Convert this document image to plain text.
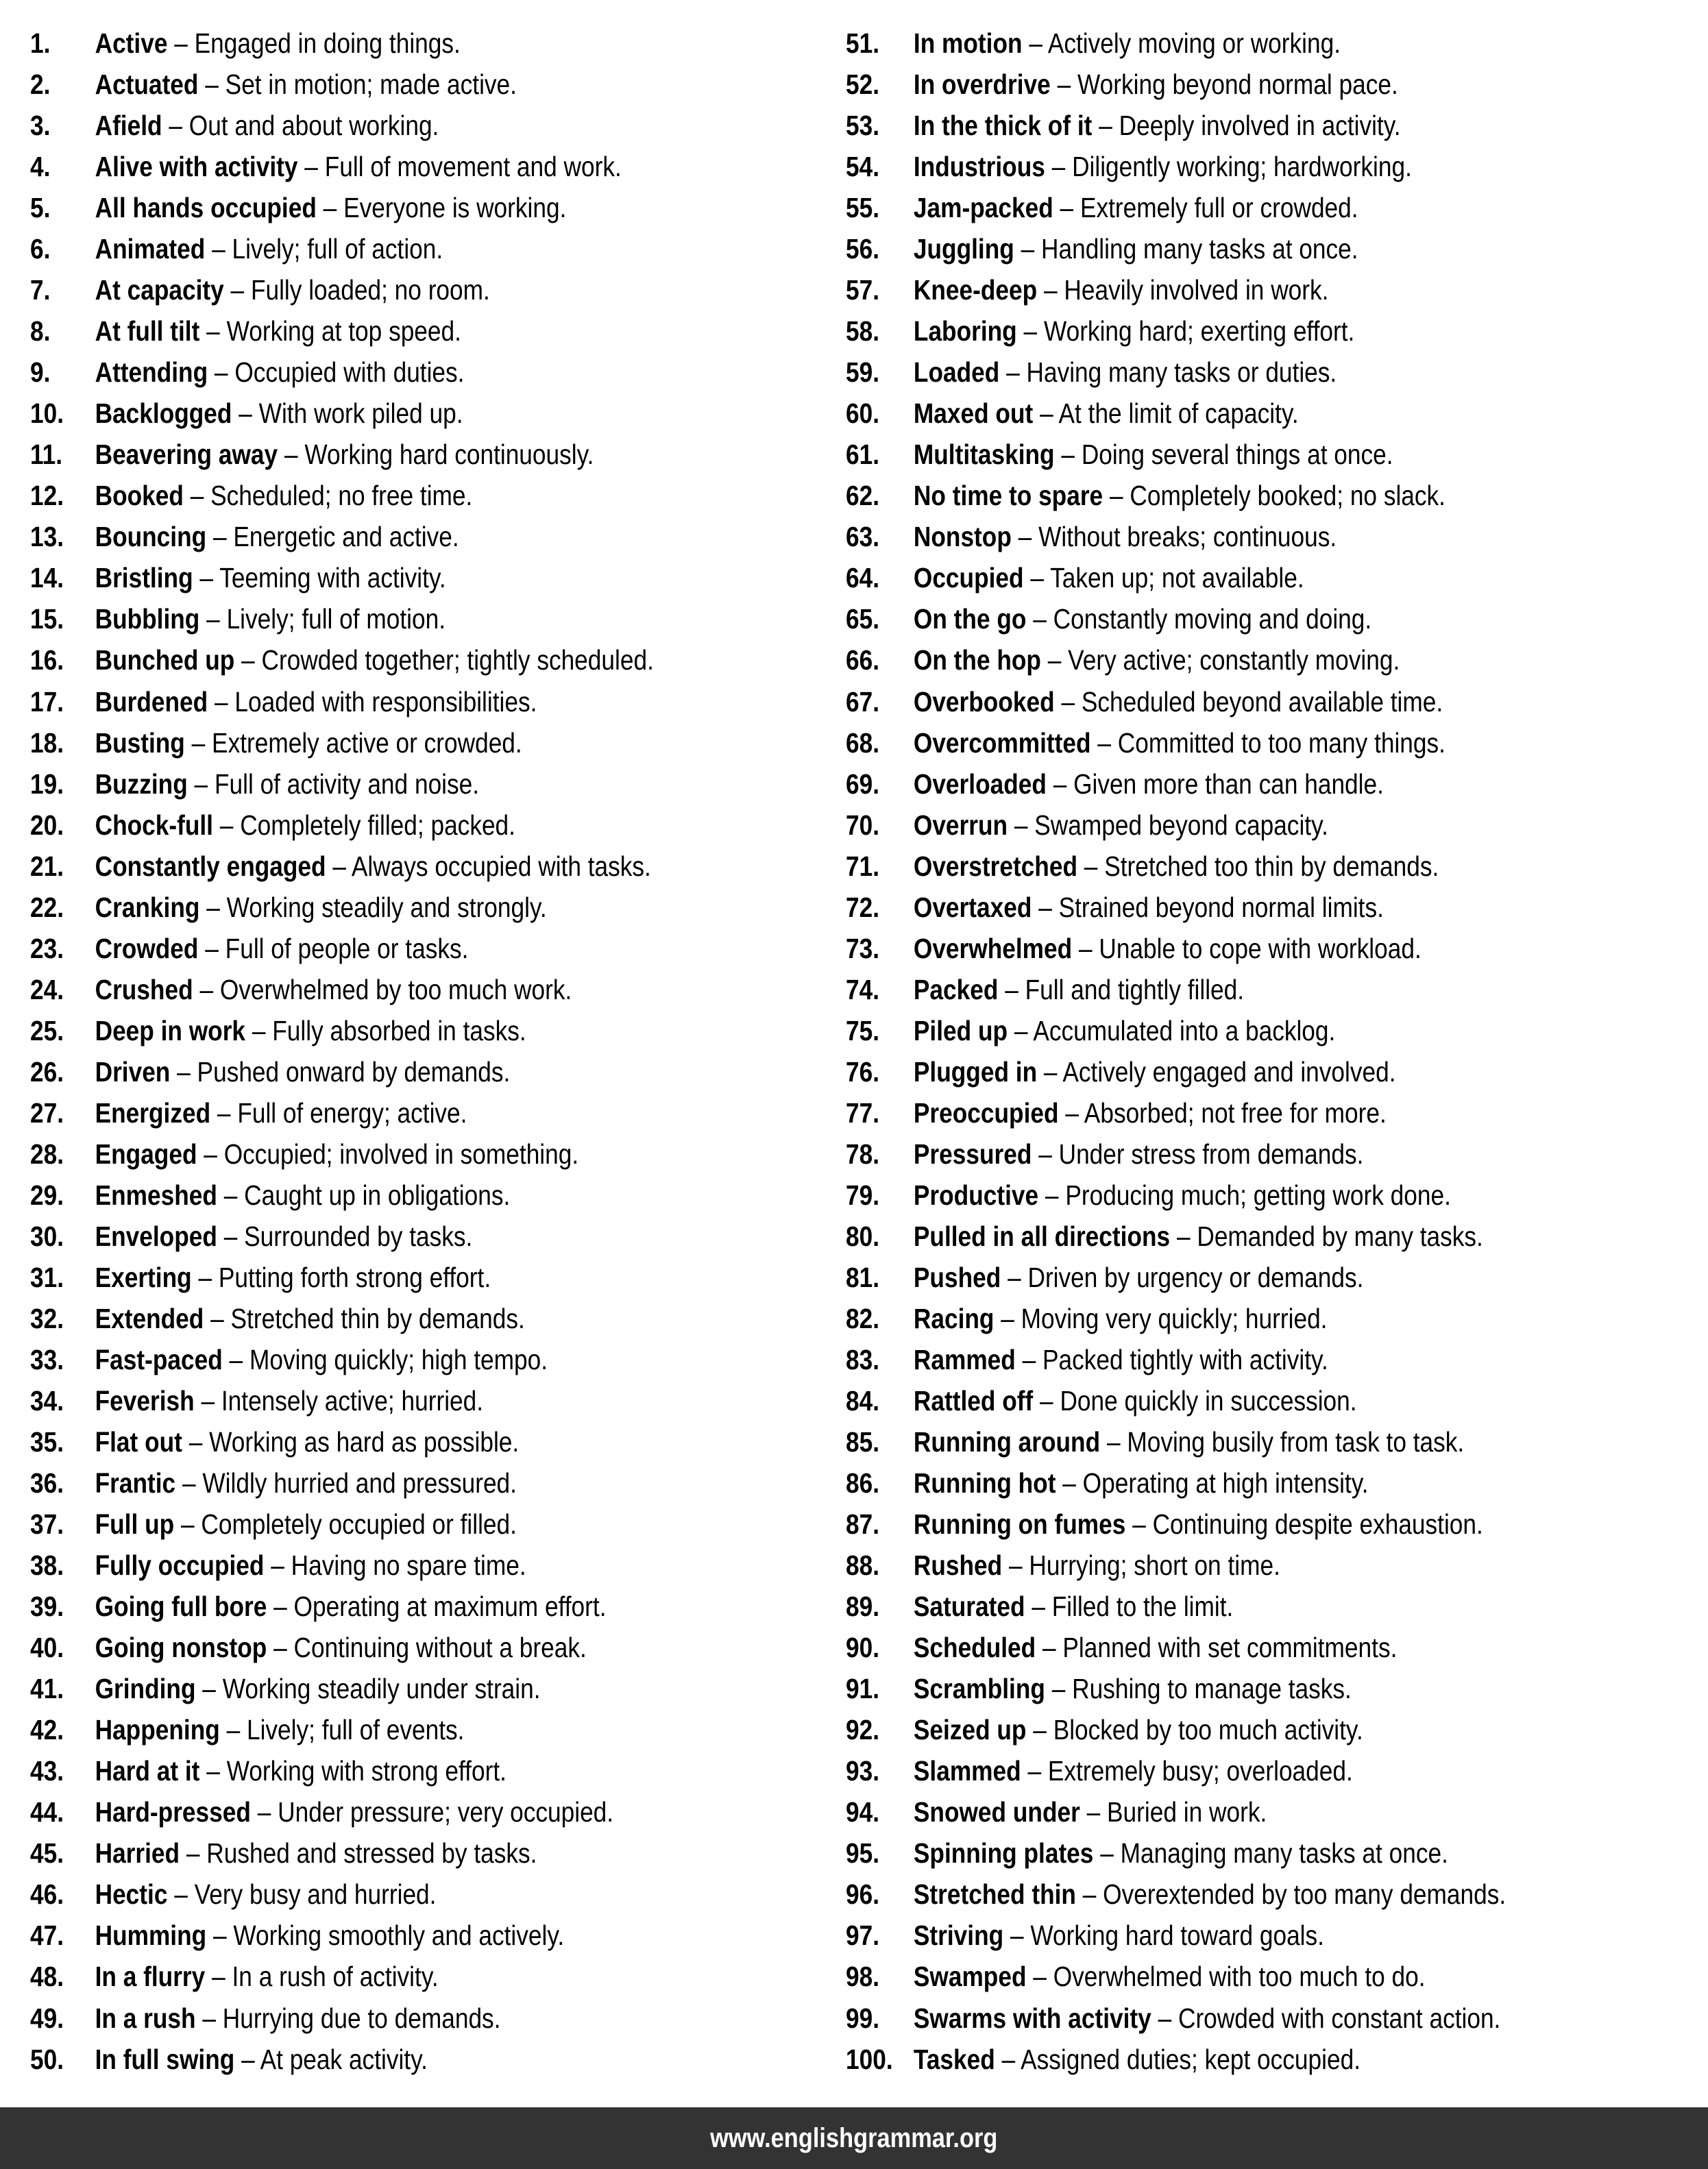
1. Active – Engaged in doing things.
2. Actuated – Set in motion; made active.
3. Afield – Out and about working.
4. Alive with activity – Full of movement and work.
5. All hands occupied – Everyone is working.
6. Animated – Lively; full of action.
7. At capacity – Fully loaded; no room.
8. At full tilt – Working at top speed.
9. Attending – Occupied with duties.
10. Backlogged – With work piled up.
11. Beavering away – Working hard continuously.
12. Booked – Scheduled; no free time.
13. Bouncing – Energetic and active.
14. Bristling – Teeming with activity.
15. Bubbling – Lively; full of motion.
16. Bunched up – Crowded together; tightly scheduled.
17. Burdened – Loaded with responsibilities.
18. Busting – Extremely active or crowded.
19. Buzzing – Full of activity and noise.
20. Chock-full – Completely filled; packed.
21. Constantly engaged – Always occupied with tasks.
22. Cranking – Working steadily and strongly.
23. Crowded – Full of people or tasks.
24. Crushed – Overwhelmed by too much work.
25. Deep in work – Fully absorbed in tasks.
26. Driven – Pushed onward by demands.
27. Energized – Full of energy; active.
28. Engaged – Occupied; involved in something.
29. Enmeshed – Caught up in obligations.
30. Enveloped – Surrounded by tasks.
31. Exerting – Putting forth strong effort.
32. Extended – Stretched thin by demands.
33. Fast-paced – Moving quickly; high tempo.
34. Feverish – Intensely active; hurried.
35. Flat out – Working as hard as possible.
36. Frantic – Wildly hurried and pressured.
37. Full up – Completely occupied or filled.
38. Fully occupied – Having no spare time.
39. Going full bore – Operating at maximum effort.
40. Going nonstop – Continuing without a break.
41. Grinding – Working steadily under strain.
42. Happening – Lively; full of events.
43. Hard at it – Working with strong effort.
44. Hard-pressed – Under pressure; very occupied.
45. Harried – Rushed and stressed by tasks.
46. Hectic – Very busy and hurried.
47. Humming – Working smoothly and actively.
48. In a flurry – In a rush of activity.
49. In a rush – Hurrying due to demands.
50. In full swing – At peak activity.
51. In motion – Actively moving or working.
52. In overdrive – Working beyond normal pace.
53. In the thick of it – Deeply involved in activity.
54. Industrious – Diligently working; hardworking.
55. Jam-packed – Extremely full or crowded.
56. Juggling – Handling many tasks at once.
57. Knee-deep – Heavily involved in work.
58. Laboring – Working hard; exerting effort.
59. Loaded – Having many tasks or duties.
60. Maxed out – At the limit of capacity.
61. Multitasking – Doing several things at once.
62. No time to spare – Completely booked; no slack.
63. Nonstop – Without breaks; continuous.
64. Occupied – Taken up; not available.
65. On the go – Constantly moving and doing.
66. On the hop – Very active; constantly moving.
67. Overbooked – Scheduled beyond available time.
68. Overcommitted – Committed to too many things.
69. Overloaded – Given more than can handle.
70. Overrun – Swamped beyond capacity.
71. Overstretched – Stretched too thin by demands.
72. Overtaxed – Strained beyond normal limits.
73. Overwhelmed – Unable to cope with workload.
74. Packed – Full and tightly filled.
75. Piled up – Accumulated into a backlog.
76. Plugged in – Actively engaged and involved.
77. Preoccupied – Absorbed; not free for more.
78. Pressured – Under stress from demands.
79. Productive – Producing much; getting work done.
80. Pulled in all directions – Demanded by many tasks.
81. Pushed – Driven by urgency or demands.
82. Racing – Moving very quickly; hurried.
83. Rammed – Packed tightly with activity.
84. Rattled off – Done quickly in succession.
85. Running around – Moving busily from task to task.
86. Running hot – Operating at high intensity.
87. Running on fumes – Continuing despite exhaustion.
88. Rushed – Hurrying; short on time.
89. Saturated – Filled to the limit.
90. Scheduled – Planned with set commitments.
91. Scrambling – Rushing to manage tasks.
92. Seized up – Blocked by too much activity.
93. Slammed – Extremely busy; overloaded.
94. Snowed under – Buried in work.
95. Spinning plates – Managing many tasks at once.
96. Stretched thin – Overextended by too many demands.
97. Striving – Working hard toward goals.
98. Swamped – Overwhelmed with too much to do.
99. Swarms with activity – Crowded with constant action.
100. Tasked – Assigned duties; kept occupied.
www.englishgrammar.org
